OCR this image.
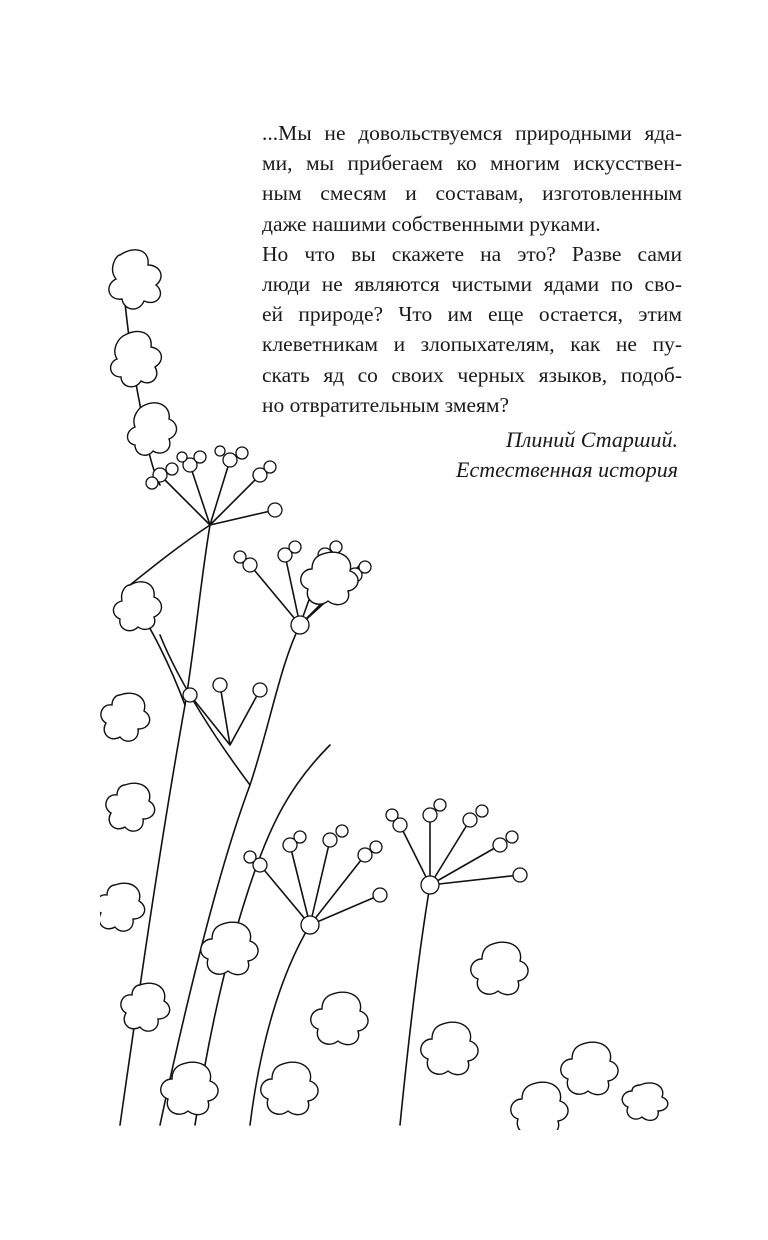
...Мы не довольствуемся природными яда-
ми, мы прибегаем ко многим искусствен-
ным смесям и составам, изготовленным
даже нашими собственными руками.
Но что вы скажете на это? Разве сами
люди не являются чистыми ядами по сво-
ей природе? Что им еще остается, этим
клеветникам и злопыхателям, как не пу-
скать яд со своих черных языков, подоб-
но отвратительным змеям?
Плиний Старший.
Естественная история
